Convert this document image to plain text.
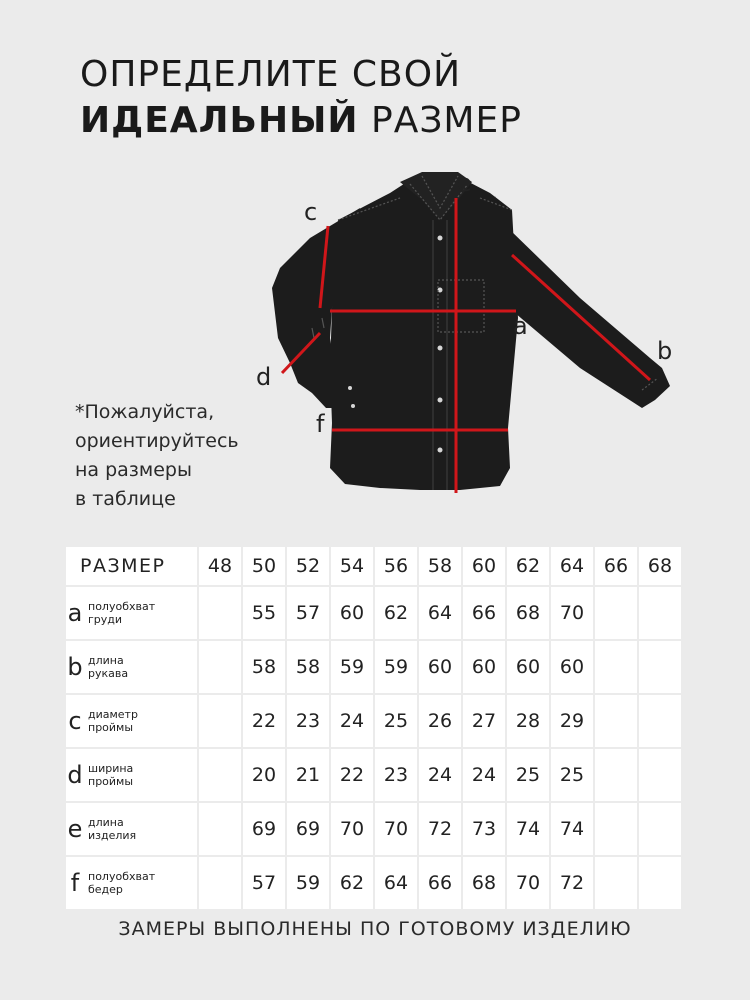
ОПРЕДЕЛИТЕ СВОЙ
ИДЕАЛЬНЫЙ РАЗМЕР
*Пожалуйста,
ориентируйтесь
на размеры
в таблице
a
b
c
d
e
f
РАЗМЕР	48	50	52	54	56	58	60	62	64	66	68

a полуобхват
груди		55	57	60	62	64	66	68	70		

b длина
рукава		58	58	59	59	60	60	60	60		

c диаметр
проймы		22	23	24	25	26	27	28	29		

d ширина
проймы		20	21	22	23	24	24	25	25		

e длина
изделия		69	69	70	70	72	73	74	74		

f полуобхват
бедер		57	59	62	64	66	68	70	72		
ЗАМЕРЫ ВЫПОЛНЕНЫ ПО ГОТОВОМУ ИЗДЕЛИЮ
